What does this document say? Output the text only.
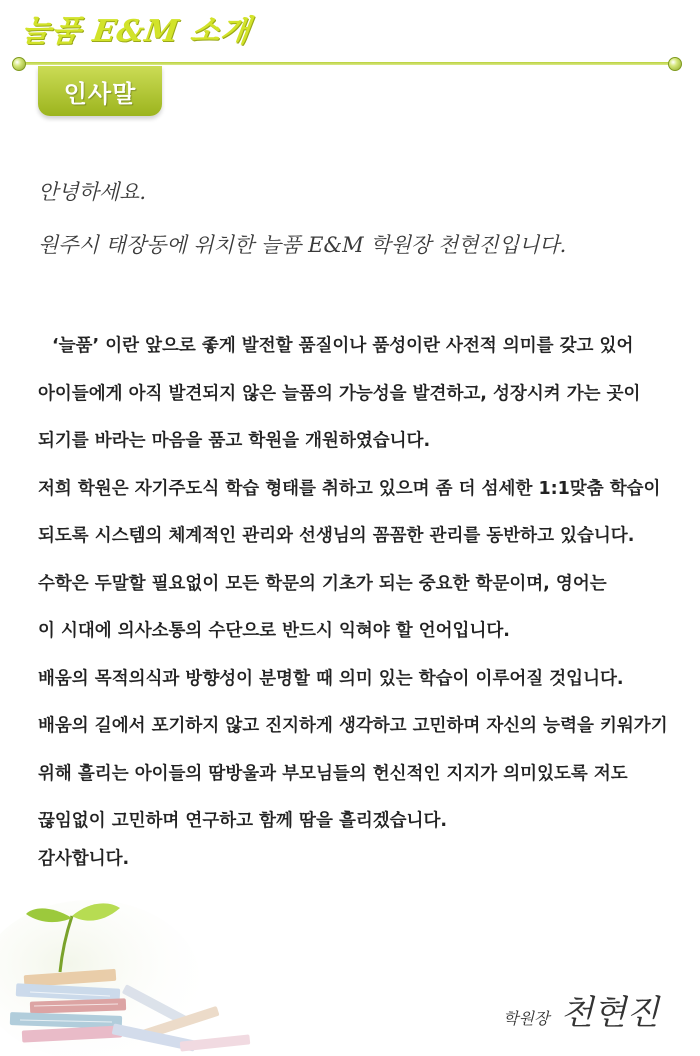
늘품 E&M 소개
인사말
안녕하세요.
원주시 태장동에 위치한 늘품 E&M 학원장 천현진입니다.
‘늘품’ 이란 앞으로 좋게 발전할 품질이나 품성이란 사전적 의미를 갖고 있어
아이들에게 아직 발견되지 않은 늘품의 가능성을 발견하고, 성장시켜 가는 곳이
되기를 바라는 마음을 품고 학원을 개원하였습니다.
저희 학원은 자기주도식 학습 형태를 취하고 있으며 좀 더 섬세한 1:1맞춤 학습이
되도록 시스템의 체계적인 관리와 선생님의 꼼꼼한 관리를 동반하고 있습니다.
수학은 두말할 필요없이 모든 학문의 기초가 되는 중요한 학문이며, 영어는
이 시대에 의사소통의 수단으로 반드시 익혀야 할 언어입니다.
배움의 목적의식과 방향성이 분명할 때 의미 있는 학습이 이루어질 것입니다.
배움의 길에서 포기하지 않고 진지하게 생각하고 고민하며 자신의 능력을 키워가기
위해 흘리는 아이들의 땀방울과 부모님들의 헌신적인 지지가 의미있도록 저도
끊임없이 고민하며 연구하고 함께 땀을 흘리겠습니다.
감사합니다.
학원장 천현진
